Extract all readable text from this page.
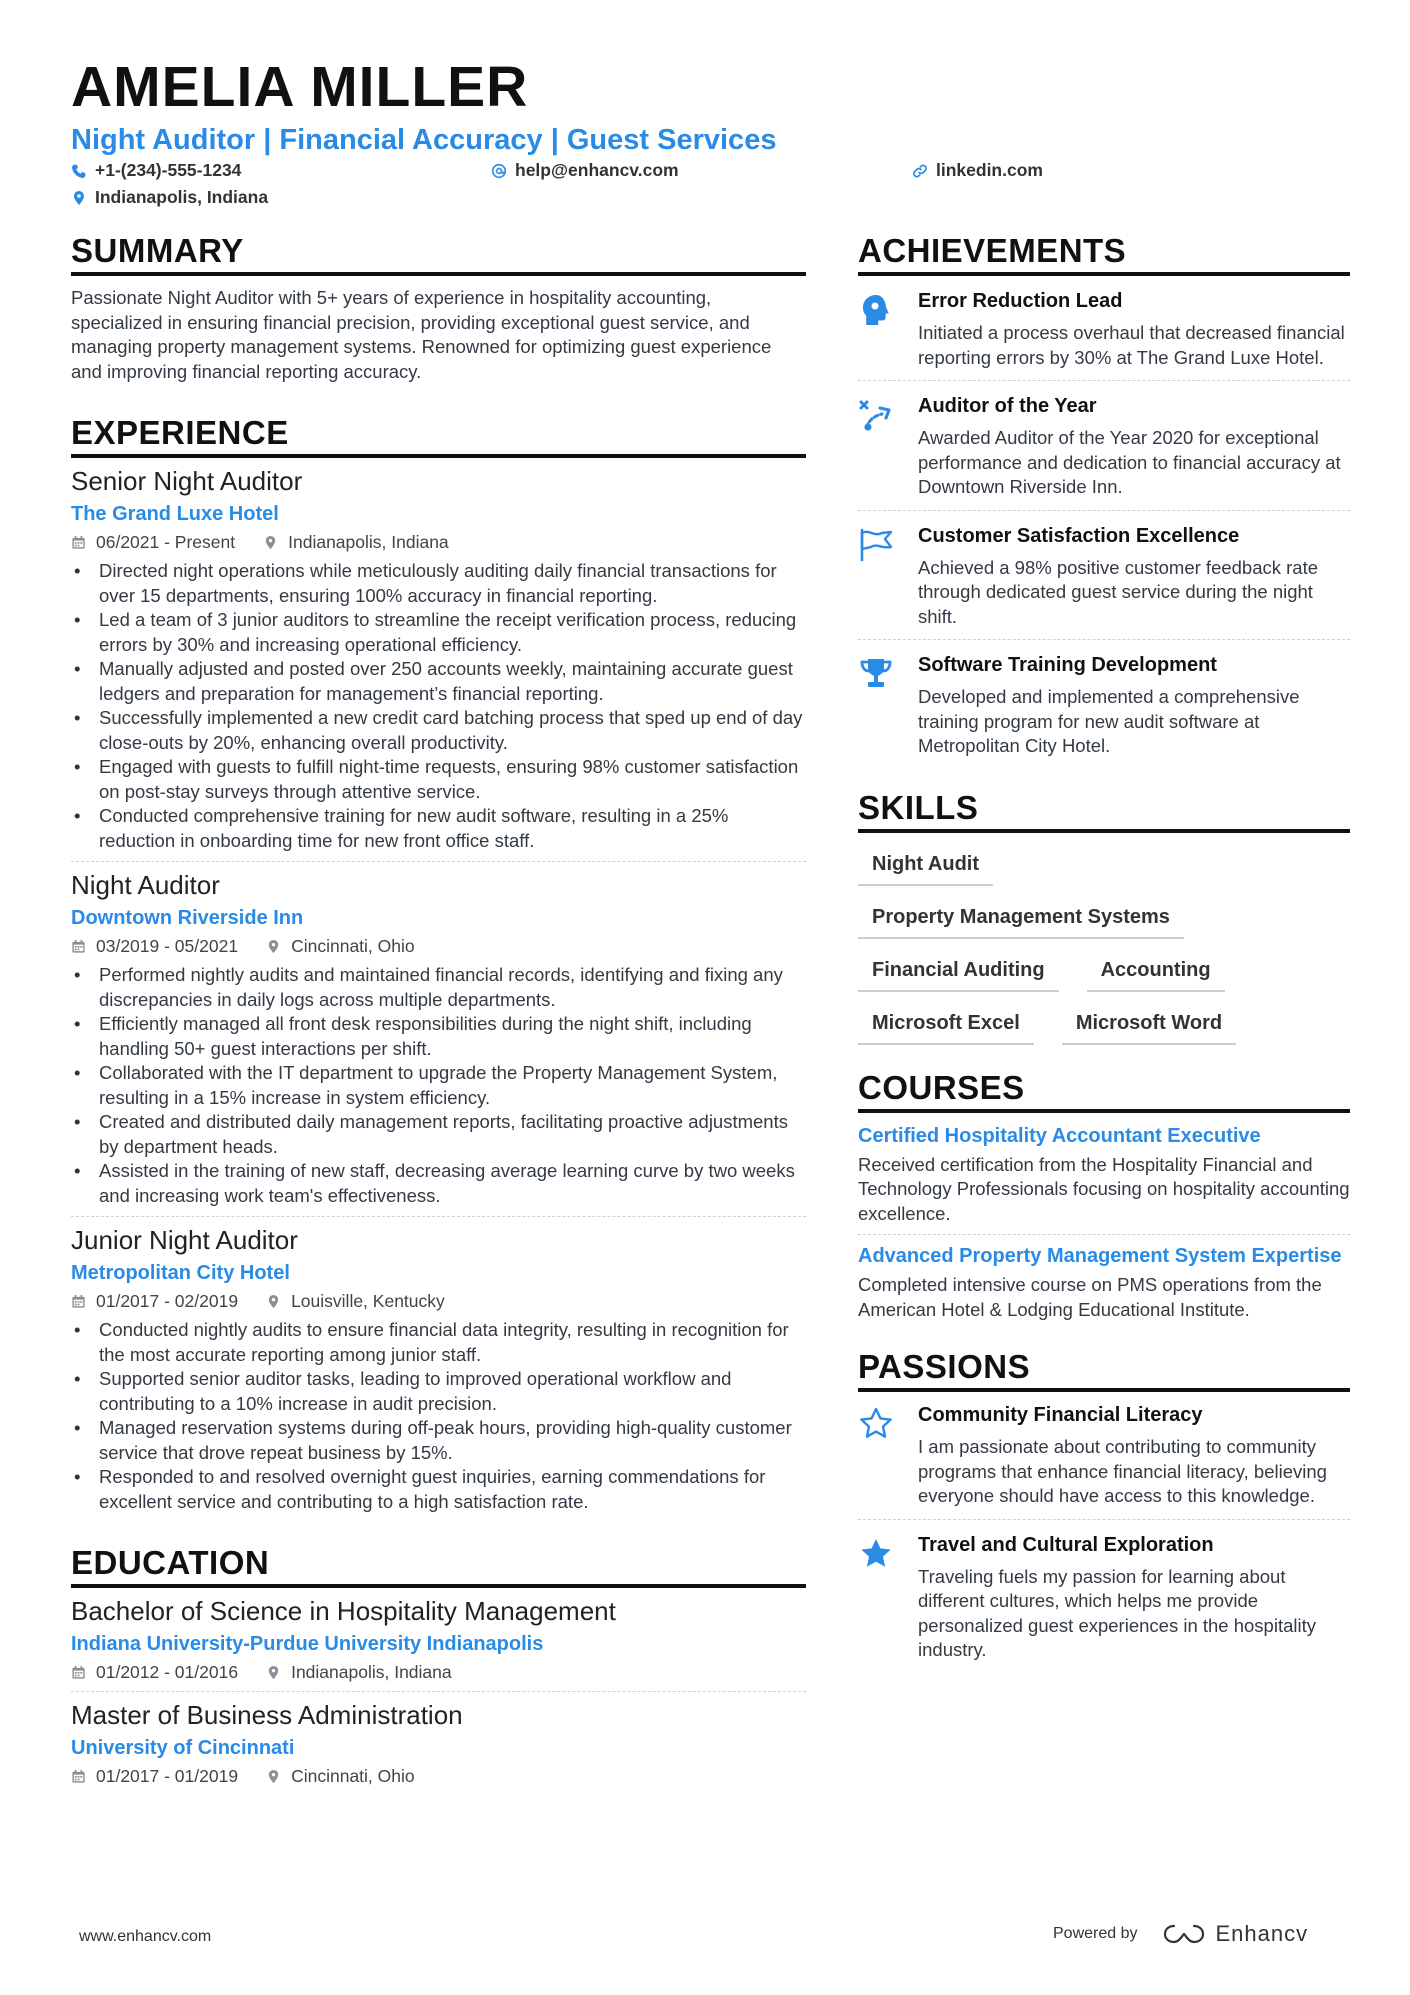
AMELIA MILLER
Night Auditor | Financial Accuracy | Guest Services
+1-(234)-555-1234	help@enhancv.com	linkedin.com
Indianapolis, Indiana
SUMMARY
Passionate Night Auditor with 5+ years of experience in hospitality accounting, specialized in ensuring financial precision, providing exceptional guest service, and managing property management systems. Renowned for optimizing guest experience and improving financial reporting accuracy.
EXPERIENCE
Senior Night Auditor
The Grand Luxe Hotel
06/2021 - Present	Indianapolis, Indiana
• Directed night operations while meticulously auditing daily financial transactions for over 15 departments, ensuring 100% accuracy in financial reporting.
• Led a team of 3 junior auditors to streamline the receipt verification process, reducing errors by 30% and increasing operational efficiency.
• Manually adjusted and posted over 250 accounts weekly, maintaining accurate guest ledgers and preparation for management’s financial reporting.
• Successfully implemented a new credit card batching process that sped up end of day close-outs by 20%, enhancing overall productivity.
• Engaged with guests to fulfill night-time requests, ensuring 98% customer satisfaction on post-stay surveys through attentive service.
• Conducted comprehensive training for new audit software, resulting in a 25% reduction in onboarding time for new front office staff.
Night Auditor
Downtown Riverside Inn
03/2019 - 05/2021	Cincinnati, Ohio
• Performed nightly audits and maintained financial records, identifying and fixing any discrepancies in daily logs across multiple departments.
• Efficiently managed all front desk responsibilities during the night shift, including handling 50+ guest interactions per shift.
• Collaborated with the IT department to upgrade the Property Management System, resulting in a 15% increase in system efficiency.
• Created and distributed daily management reports, facilitating proactive adjustments by department heads.
• Assisted in the training of new staff, decreasing average learning curve by two weeks and increasing work team's effectiveness.
Junior Night Auditor
Metropolitan City Hotel
01/2017 - 02/2019	Louisville, Kentucky
• Conducted nightly audits to ensure financial data integrity, resulting in recognition for the most accurate reporting among junior staff.
• Supported senior auditor tasks, leading to improved operational workflow and contributing to a 10% increase in audit precision.
• Managed reservation systems during off-peak hours, providing high-quality customer service that drove repeat business by 15%.
• Responded to and resolved overnight guest inquiries, earning commendations for excellent service and contributing to a high satisfaction rate.
EDUCATION
Bachelor of Science in Hospitality Management
Indiana University-Purdue University Indianapolis
01/2012 - 01/2016	Indianapolis, Indiana
Master of Business Administration
University of Cincinnati
01/2017 - 01/2019	Cincinnati, Ohio
ACHIEVEMENTS
Error Reduction Lead
Initiated a process overhaul that decreased financial reporting errors by 30% at The Grand Luxe Hotel.
Auditor of the Year
Awarded Auditor of the Year 2020 for exceptional performance and dedication to financial accuracy at Downtown Riverside Inn.
Customer Satisfaction Excellence
Achieved a 98% positive customer feedback rate through dedicated guest service during the night shift.
Software Training Development
Developed and implemented a comprehensive training program for new audit software at Metropolitan City Hotel.
SKILLS
Night Audit
Property Management Systems
Financial Auditing	Accounting
Microsoft Excel	Microsoft Word
COURSES
Certified Hospitality Accountant Executive
Received certification from the Hospitality Financial and Technology Professionals focusing on hospitality accounting excellence.
Advanced Property Management System Expertise
Completed intensive course on PMS operations from the American Hotel & Lodging Educational Institute.
PASSIONS
Community Financial Literacy
I am passionate about contributing to community programs that enhance financial literacy, believing everyone should have access to this knowledge.
Travel and Cultural Exploration
Traveling fuels my passion for learning about different cultures, which helps me provide personalized guest experiences in the hospitality industry.
www.enhancv.com	Powered by	Enhancv
